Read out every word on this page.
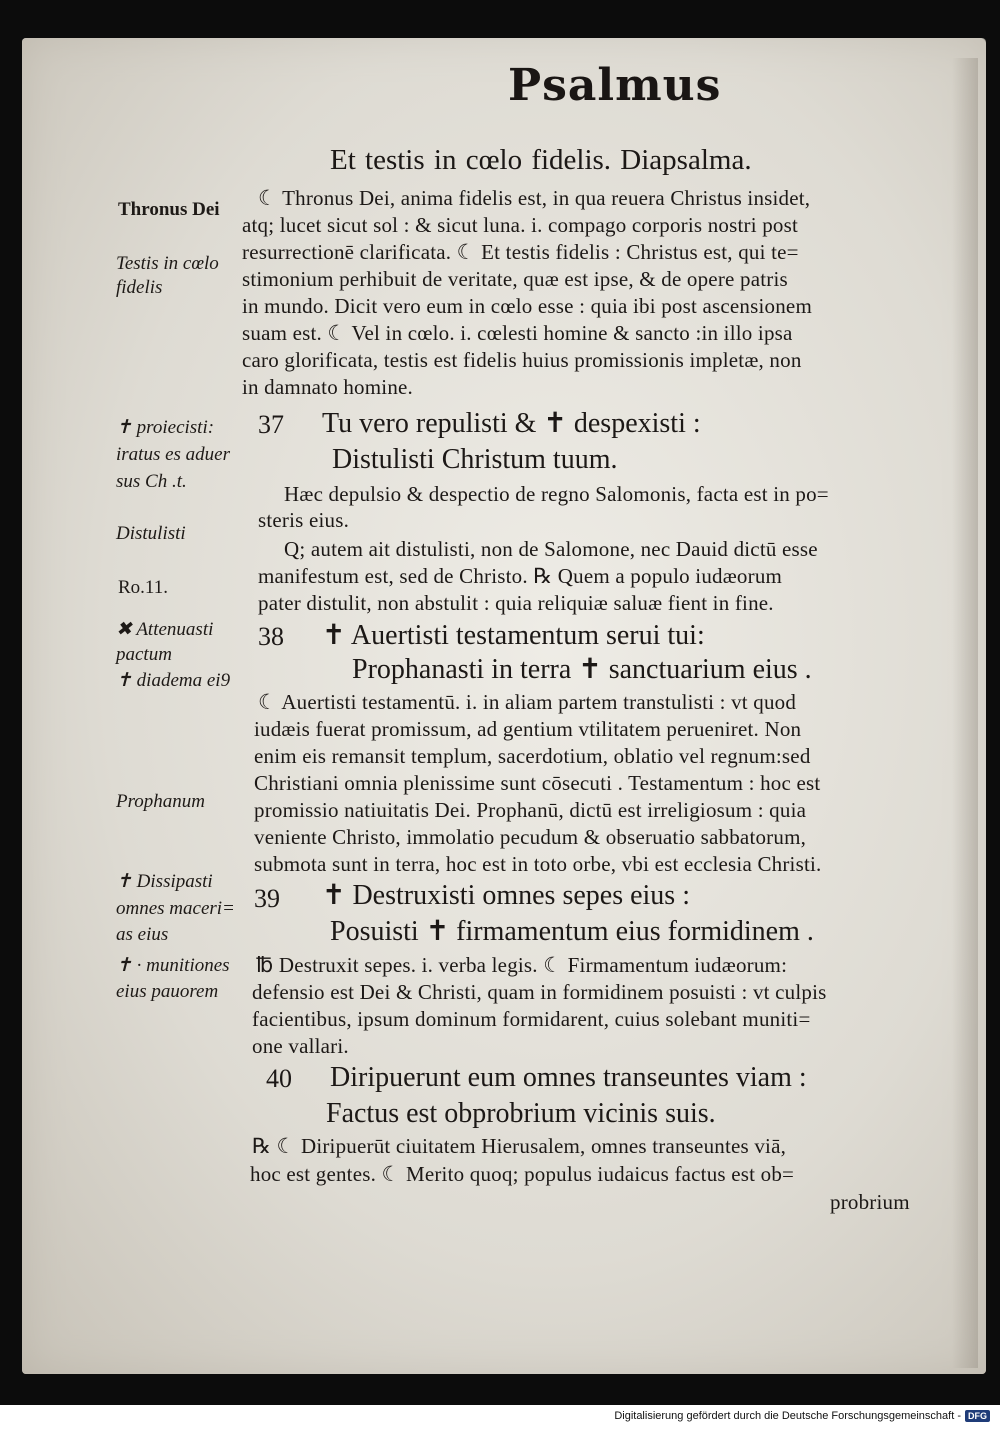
Psalmus
Et testis in cœlo fidelis. Diapsalma.
Thronus Dei
Testis in cœlo
fidelis
✝ proiecisti:
iratus es aduer
sus Ch .t.
Distulisti
Ro.11.
✖ Attenuasti
pactum
✝ diadema ei9
Prophanum
✝ Dissipasti
omnes maceri=
as eius
✝ · munitiones
eius pauorem
☾ Thronus Dei, anima fidelis est, in qua reuera Christus insidet,
atq; lucet sicut sol : & sicut luna. i. compago corporis nostri post
resurrectionē clarificata. ☾ Et testis fidelis : Christus est, qui te=
stimonium perhibuit de veritate, quæ est ipse, & de opere patris
in mundo. Dicit vero eum in cœlo esse : quia ibi post ascensionem
suam est. ☾ Vel in cœlo. i. cœlesti homine & sancto :in illo ipsa
caro glorificata, testis est fidelis huius promissionis impletæ, non
in damnato homine.
37 Tu vero repulisti & ✝ despexisti :
Distulisti Christum tuum.
Hæc depulsio & despectio de regno Salomonis, facta est in po=
steris eius.
Q; autem ait distulisti, non de Salomone, nec Dauid dictū esse
manifestum est, sed de Christo. ℞ Quem a populo iudæorum
pater distulit, non abstulit : quia reliquiæ saluæ fient in fine.
38 ✝ Auertisti testamentum serui tui:
Prophanasti in terra ✝ sanctuarium eius .
☾ Auertisti testamentū. i. in aliam partem transtulisti : vt quod
iudæis fuerat promissum, ad gentium vtilitatem perueniret. Non
enim eis remansit templum, sacerdotium, oblatio vel regnum:sed
Christiani omnia plenissime sunt cōsecuti . Testamentum : hoc est
promissio natiuitatis Dei. Prophanū, dictū est irreligiosum : quia
veniente Christo, immolatio pecudum & obseruatio sabbatorum,
submota sunt in terra, hoc est in toto orbe, vbi est ecclesia Christi.
39 ✝ Destruxisti omnes sepes eius :
Posuisti ✝ firmamentum eius formidinem .
℔ Destruxit sepes. i. verba legis. ☾ Firmamentum iudæorum:
defensio est Dei & Christi, quam in formidinem posuisti : vt culpis
facientibus, ipsum dominum formidarent, cuius solebant muniti=
one vallari.
40 Diripuerunt eum omnes transeuntes viam :
Factus est obprobrium vicinis suis.
℞ ☾ Diripuerūt ciuitatem Hierusalem, omnes transeuntes viā,
hoc est gentes. ☾ Merito quoq; populus iudaicus factus est ob=
probrium
Digitalisierung gefördert durch die Deutsche Forschungsgemeinschaft - DFG
